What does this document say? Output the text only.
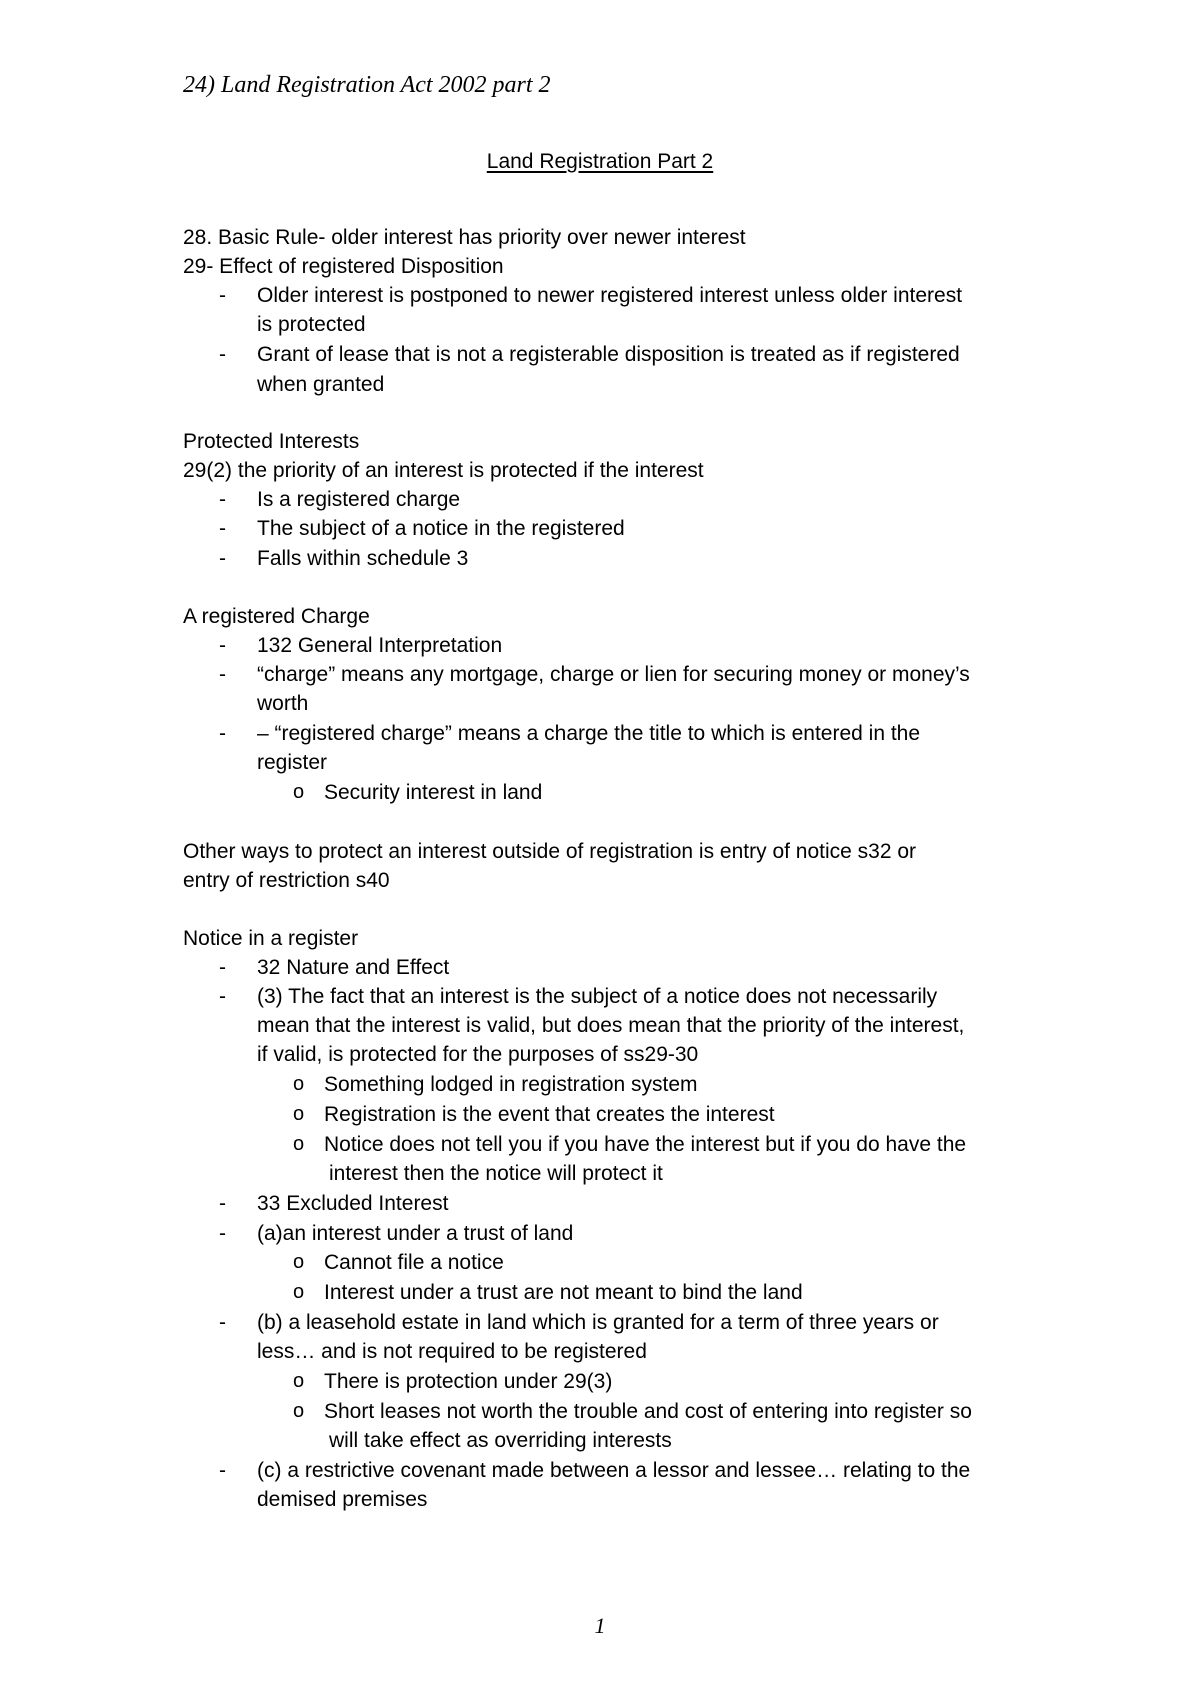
24) Land Registration Act 2002 part 2
Land Registration Part 2
28. Basic Rule- older interest has priority over newer interest
29- Effect of registered Disposition
- Older interest is postponed to newer registered interest unless older interest
is protected
- Grant of lease that is not a registerable disposition is treated as if registered
when granted
Protected Interests
29(2) the priority of an interest is protected if the interest
- Is a registered charge
- The subject of a notice in the registered
- Falls within schedule 3
A registered Charge
- 132 General Interpretation
- “charge” means any mortgage, charge or lien for securing money or money’s
worth
- – “registered charge” means a charge the title to which is entered in the
register
o Security interest in land
Other ways to protect an interest outside of registration is entry of notice s32 or
entry of restriction s40
Notice in a register
- 32 Nature and Effect
- (3) The fact that an interest is the subject of a notice does not necessarily
mean that the interest is valid, but does mean that the priority of the interest,
if valid, is protected for the purposes of ss29-30
o Something lodged in registration system
o Registration is the event that creates the interest
o Notice does not tell you if you have the interest but if you do have the
interest then the notice will protect it
- 33 Excluded Interest
- (a)an interest under a trust of land
o Cannot file a notice
o Interest under a trust are not meant to bind the land
- (b) a leasehold estate in land which is granted for a term of three years or
less… and is not required to be registered
o There is protection under 29(3)
o Short leases not worth the trouble and cost of entering into register so
will take effect as overriding interests
- (c) a restrictive covenant made between a lessor and lessee… relating to the
demised premises
1
